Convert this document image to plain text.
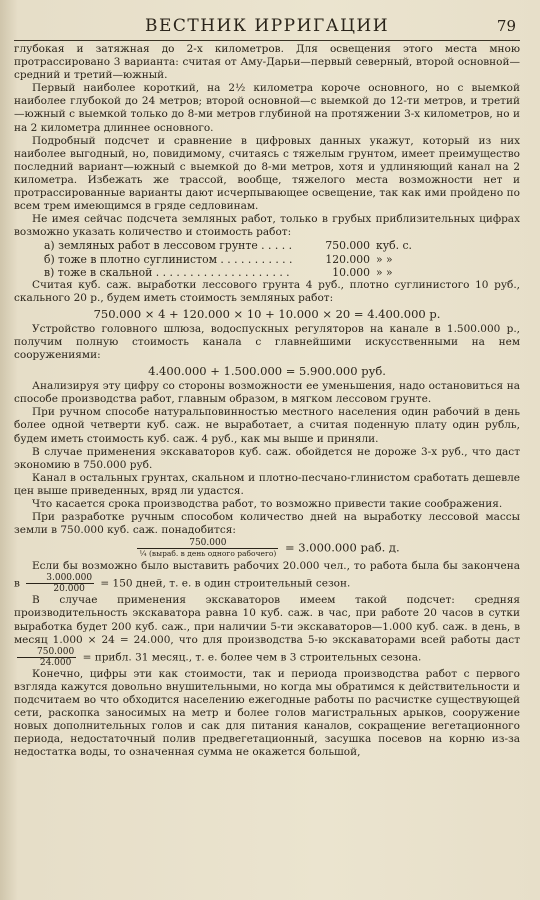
ВЕСТНИК ИРРИГАЦИИ	79

глубокая и затяжная до 2-х километров. Для освещения этого места мною протрассировано 3 варианта: считая от Аму-Дарьи—первый северный, второй основной—средний и третий—южный.

Первый наиболее короткий, на 2½ километра короче основного, но с выемкой наиболее глубокой до 24 метров; второй основной—с выемкой до 12-ти метров, и третий—южный с выемкой только до 8-ми метров глубиной на протяжении 3-х километров, но и на 2 километра длиннее основного.

Подробный подсчет и сравнение в цифровых данных укажут, который из них наиболее выгодный, но, повидимому, считаясь с тяжелым грунтом, имеет преимущество последний вариант—южный с выемкой до 8-ми метров, хотя и удлиняющий канал на 2 километра. Избежать же трассой, вообще, тяжелого места возможности нет и протрассированные варианты дают исчерпывающее освещение, так как ими пройдено по всем трем имеющимся в гряде седловинам.

Не имея сейчас подсчета земляных работ, только в грубых приблизительных цифрах возможно указать количество и стоимость работ:

а) земляных работ в лессовом грунте . . .	750.000 куб. с.
б) тоже в плотно суглинистом . . .	120.000 » »
в) тоже в скальной . . .	10.000 » »

Считая куб. саж. выработки лессового грунта 4 руб., плотно суглинистого 10 руб., скального 20 р., будем иметь стоимость земляных работ:

750.000 × 4 + 120.000 × 10 + 10.000 × 20 = 4.400.000 р.

Устройство головного шлюза, водоспускных регуляторов на канале в 1.500.000 р., получим полную стоимость канала с главнейшими искусственными на нем сооружениями:

4.400.000 + 1.500.000 = 5.900.000 руб.

Анализируя эту цифру со стороны возможности ее уменьшения, надо остановиться на способе производства работ, главным образом, в мягком лессовом грунте.

При ручном способе натуральповинностью местного населения один рабочий в день более одной четверти куб. саж. не выработает, а считая поденную плату один рубль, будем иметь стоимость куб. саж. 4 руб., как мы выше и приняли.

В случае применения экскаваторов куб. саж. обойдется не дороже 3-х руб., что даст экономию в 750.000 руб.

Канал в остальных грунтах, скальном и плотно-песчано-глинистом сработать дешевле цен выше приведенных, вряд ли удастся.

Что касается срока производства работ, то возможно привести такие соображения.

При разработке ручным способом количество дней на выработку лессовой массы земли в 750.000 куб. саж. понадобится:

$\frac{750.000}{\text{¼ (выраб. в день одного рабочего)}} = 3.000.000$ раб. д.

Если бы возможно было выставить рабочих 20.000 чел., то работа была бы закончена в $\frac{3.000.000}{20.000} = 150$ дней, т. е. в один строительный сезон.

В случае применения экскаваторов имеем такой подсчет: средняя производительность экскаватора равна 10 куб. саж. в час, при работе 20 часов в сутки выработка будет 200 куб. саж., при наличии 5-ти экскаваторов—1.000 куб. саж. в день, в месяц 1.000 × 24 = 24.000, что для производства 5-ю экскаваторами всей работы даст
$\frac{750.000}{24.000}$ = прибл. 31 месяц., т. е. более чем в 3 строительных сезона.

Конечно, цифры эти как стоимости, так и периода производства работ с первого взгляда кажутся довольно внушительными, но когда мы обратимся к действительности и подсчитаем во что обходится населению ежегодные работы по расчистке существующей сети, раскопка заносимых на метр и более голов магистральных арыков, сооружение новых дополнительных голов и сак для питания каналов, сокращение вегетационного периода, недостаточный полив предвегетационный, засушка посевов на корню из-за недостатка воды, то означенная сумма не окажется большой,
